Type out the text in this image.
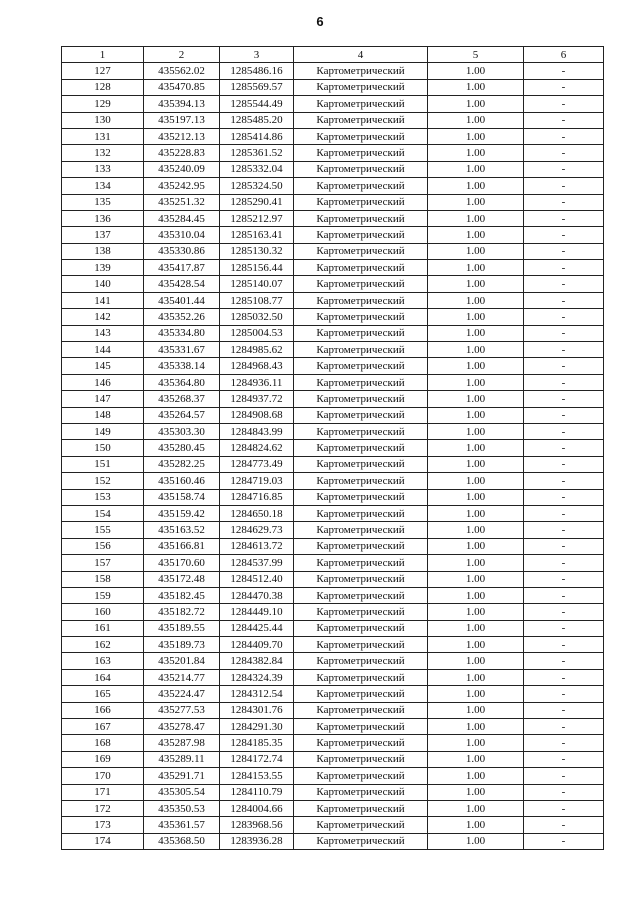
6
1	2	3	4	5	6
127	435562.02	1285486.16	Картометрический	1.00	-
128	435470.85	1285569.57	Картометрический	1.00	-
129	435394.13	1285544.49	Картометрический	1.00	-
130	435197.13	1285485.20	Картометрический	1.00	-
131	435212.13	1285414.86	Картометрический	1.00	-
132	435228.83	1285361.52	Картометрический	1.00	-
133	435240.09	1285332.04	Картометрический	1.00	-
134	435242.95	1285324.50	Картометрический	1.00	-
135	435251.32	1285290.41	Картометрический	1.00	-
136	435284.45	1285212.97	Картометрический	1.00	-
137	435310.04	1285163.41	Картометрический	1.00	-
138	435330.86	1285130.32	Картометрический	1.00	-
139	435417.87	1285156.44	Картометрический	1.00	-
140	435428.54	1285140.07	Картометрический	1.00	-
141	435401.44	1285108.77	Картометрический	1.00	-
142	435352.26	1285032.50	Картометрический	1.00	-
143	435334.80	1285004.53	Картометрический	1.00	-
144	435331.67	1284985.62	Картометрический	1.00	-
145	435338.14	1284968.43	Картометрический	1.00	-
146	435364.80	1284936.11	Картометрический	1.00	-
147	435268.37	1284937.72	Картометрический	1.00	-
148	435264.57	1284908.68	Картометрический	1.00	-
149	435303.30	1284843.99	Картометрический	1.00	-
150	435280.45	1284824.62	Картометрический	1.00	-
151	435282.25	1284773.49	Картометрический	1.00	-
152	435160.46	1284719.03	Картометрический	1.00	-
153	435158.74	1284716.85	Картометрический	1.00	-
154	435159.42	1284650.18	Картометрический	1.00	-
155	435163.52	1284629.73	Картометрический	1.00	-
156	435166.81	1284613.72	Картометрический	1.00	-
157	435170.60	1284537.99	Картометрический	1.00	-
158	435172.48	1284512.40	Картометрический	1.00	-
159	435182.45	1284470.38	Картометрический	1.00	-
160	435182.72	1284449.10	Картометрический	1.00	-
161	435189.55	1284425.44	Картометрический	1.00	-
162	435189.73	1284409.70	Картометрический	1.00	-
163	435201.84	1284382.84	Картометрический	1.00	-
164	435214.77	1284324.39	Картометрический	1.00	-
165	435224.47	1284312.54	Картометрический	1.00	-
166	435277.53	1284301.76	Картометрический	1.00	-
167	435278.47	1284291.30	Картометрический	1.00	-
168	435287.98	1284185.35	Картометрический	1.00	-
169	435289.11	1284172.74	Картометрический	1.00	-
170	435291.71	1284153.55	Картометрический	1.00	-
171	435305.54	1284110.79	Картометрический	1.00	-
172	435350.53	1284004.66	Картометрический	1.00	-
173	435361.57	1283968.56	Картометрический	1.00	-
174	435368.50	1283936.28	Картометрический	1.00	-
